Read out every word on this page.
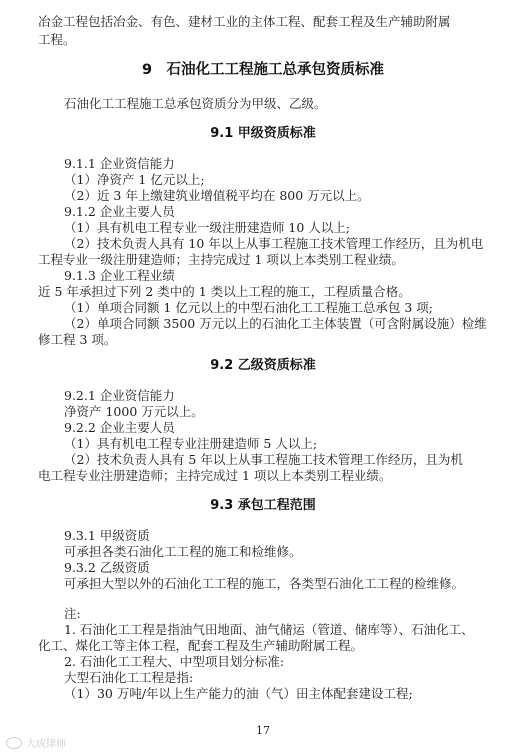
冶金工程包括冶金、有色、建材工业的主体工程、配套工程及生产辅助附属
工程。
9　石油化工工程施工总承包资质标准
石油化工工程施工总承包资质分为甲级、乙级。
9.1 甲级资质标准
9.1.1 企业资信能力
（1）净资产 1 亿元以上;
（2）近 3 年上缴建筑业增值税平均在 800 万元以上。
9.1.2 企业主要人员
（1）具有机电工程专业一级注册建造师 10 人以上;
（2）技术负责人具有 10 年以上从事工程施工技术管理工作经历，且为机电
工程专业一级注册建造师；主持完成过 1 项以上本类别工程业绩。
9.1.3 企业工程业绩
近 5 年承担过下列 2 类中的 1 类以上工程的施工，工程质量合格。
（1）单项合同额 1 亿元以上的中型石油化工工程施工总承包 3 项;
（2）单项合同额 3500 万元以上的石油化工主体装置（可含附属设施）检维
修工程 3 项。
9.2 乙级资质标准
9.2.1 企业资信能力
净资产 1000 万元以上。
9.2.2 企业主要人员
（1）具有机电工程专业注册建造师 5 人以上;
（2）技术负责人具有 5 年以上从事工程施工技术管理工作经历，且为机
电工程专业注册建造师；主持完成过 1 项以上本类别工程业绩。
9.3 承包工程范围
9.3.1 甲级资质
可承担各类石油化工工程的施工和检维修。
9.3.2 乙级资质
可承担大型以外的石油化工工程的施工，各类型石油化工工程的检维修。
注:
1. 石油化工工程是指油气田地面、油气储运（管道、储库等）、石油化工、
化工、煤化工等主体工程，配套工程及生产辅助附属工程。
2. 石油化工工程大、中型项目划分标准:
大型石油化工工程是指:
（1）30 万吨/年以上生产能力的油（气）田主体配套建设工程;
17
大成律师
